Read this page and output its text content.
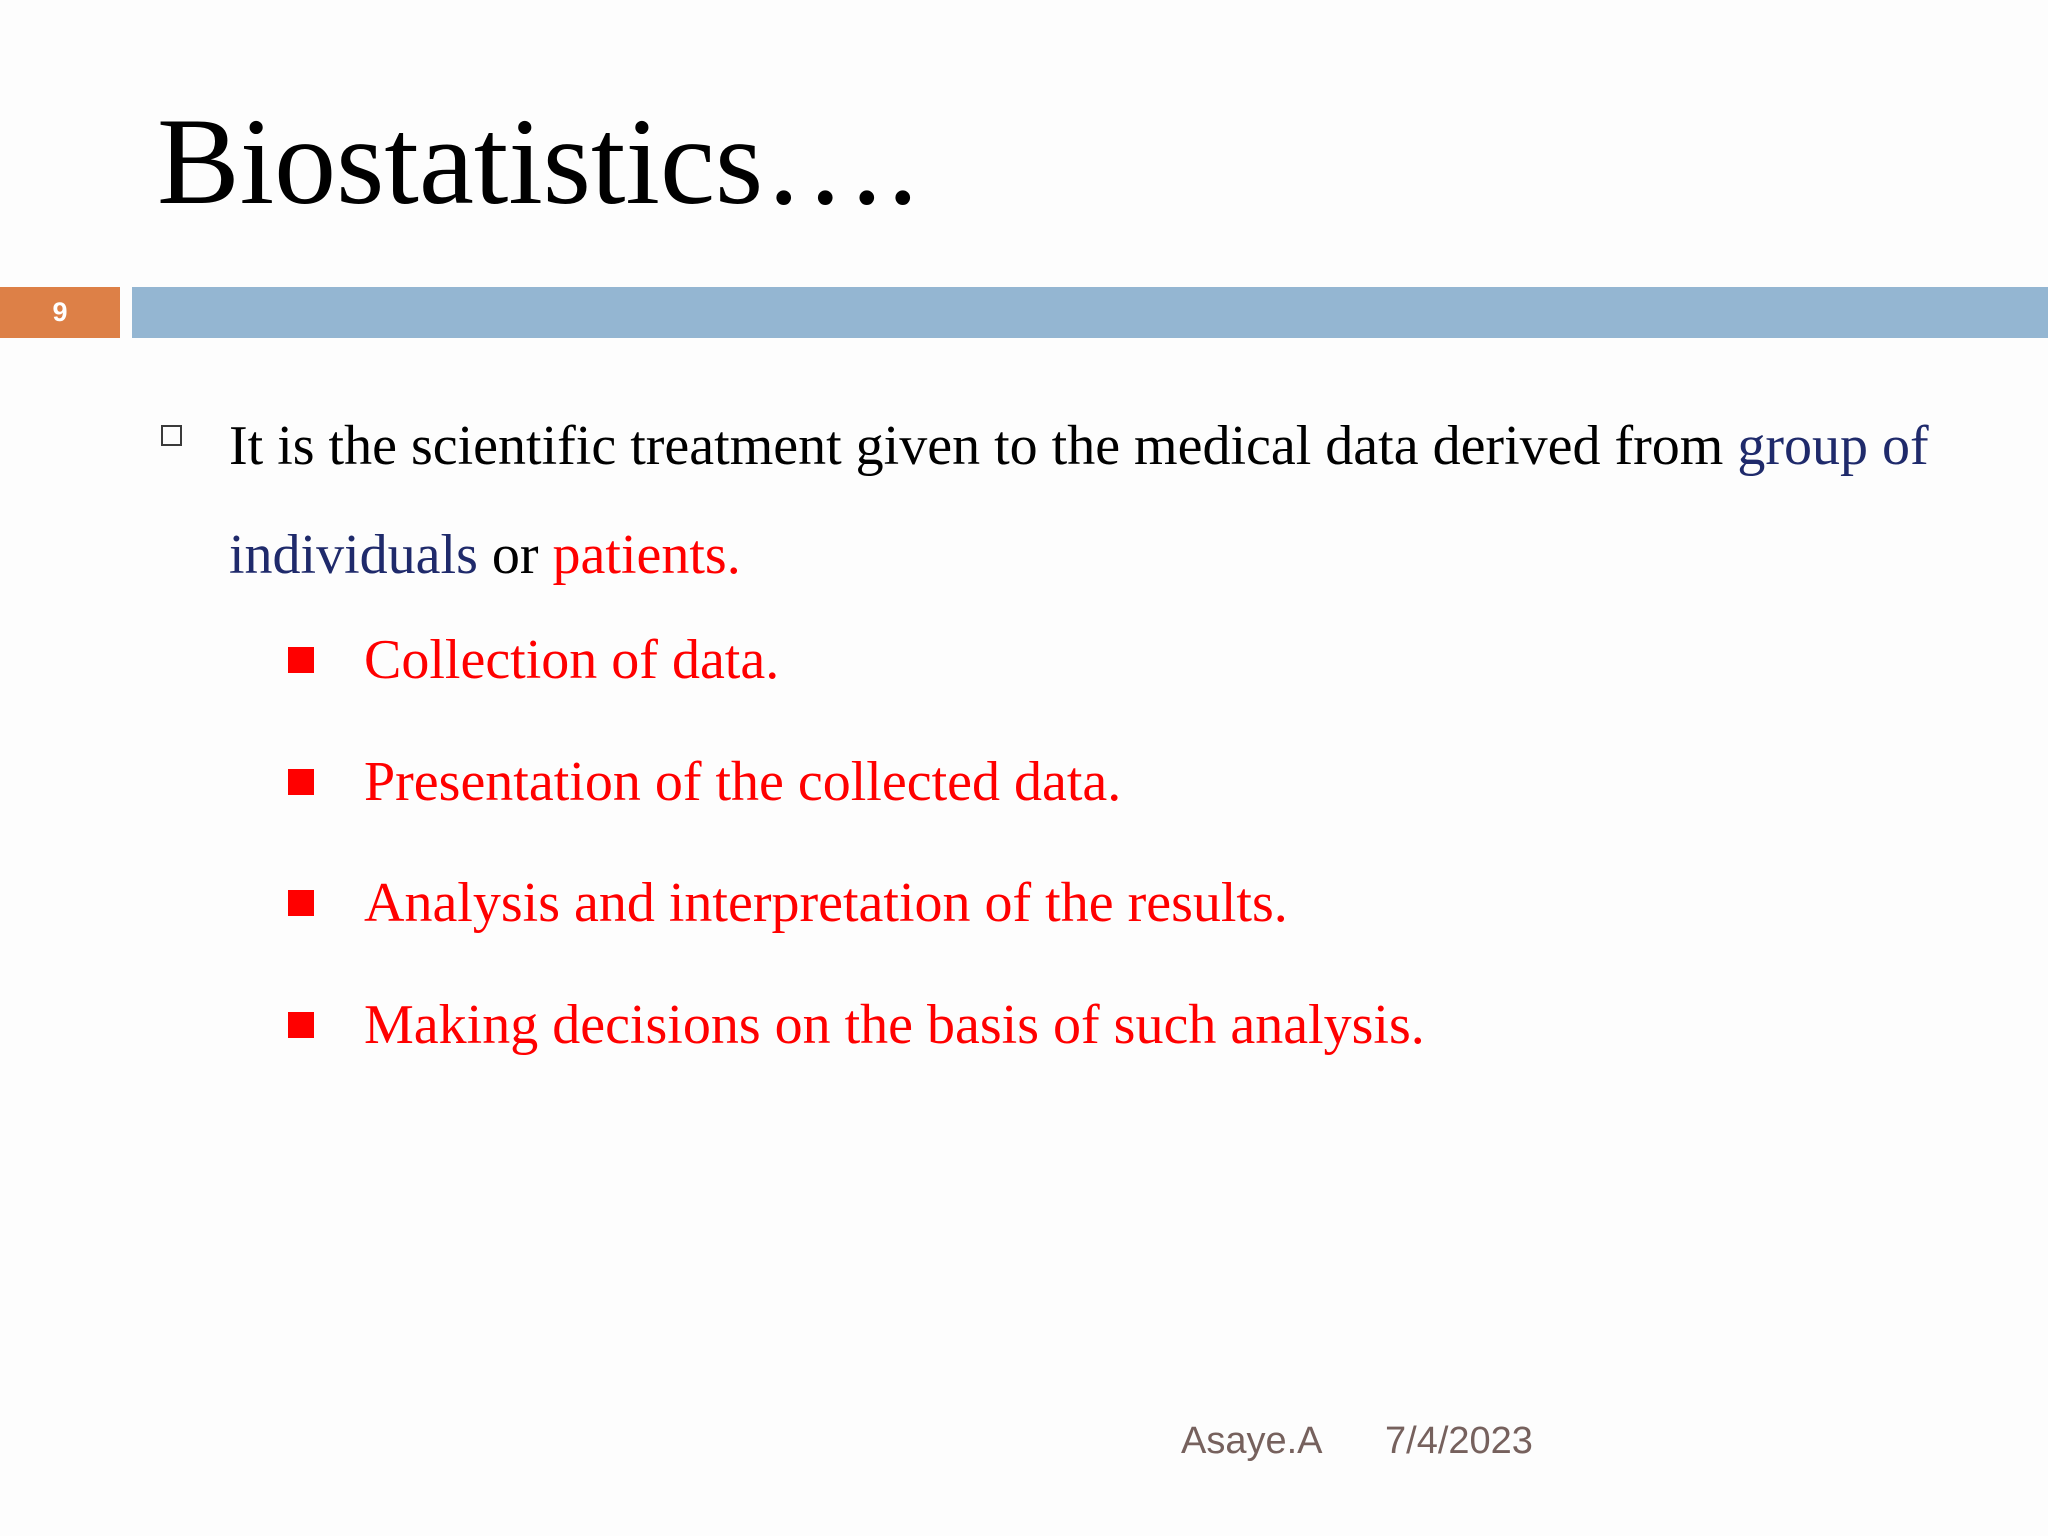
Biostatistics….
9
It is the scientific treatment given to the medical data derived from group of individuals or patients.
Collection of data.
Presentation of the collected data.
Analysis and interpretation of the results.
Making decisions on the basis of such analysis.
Asaye.A 7/4/2023
